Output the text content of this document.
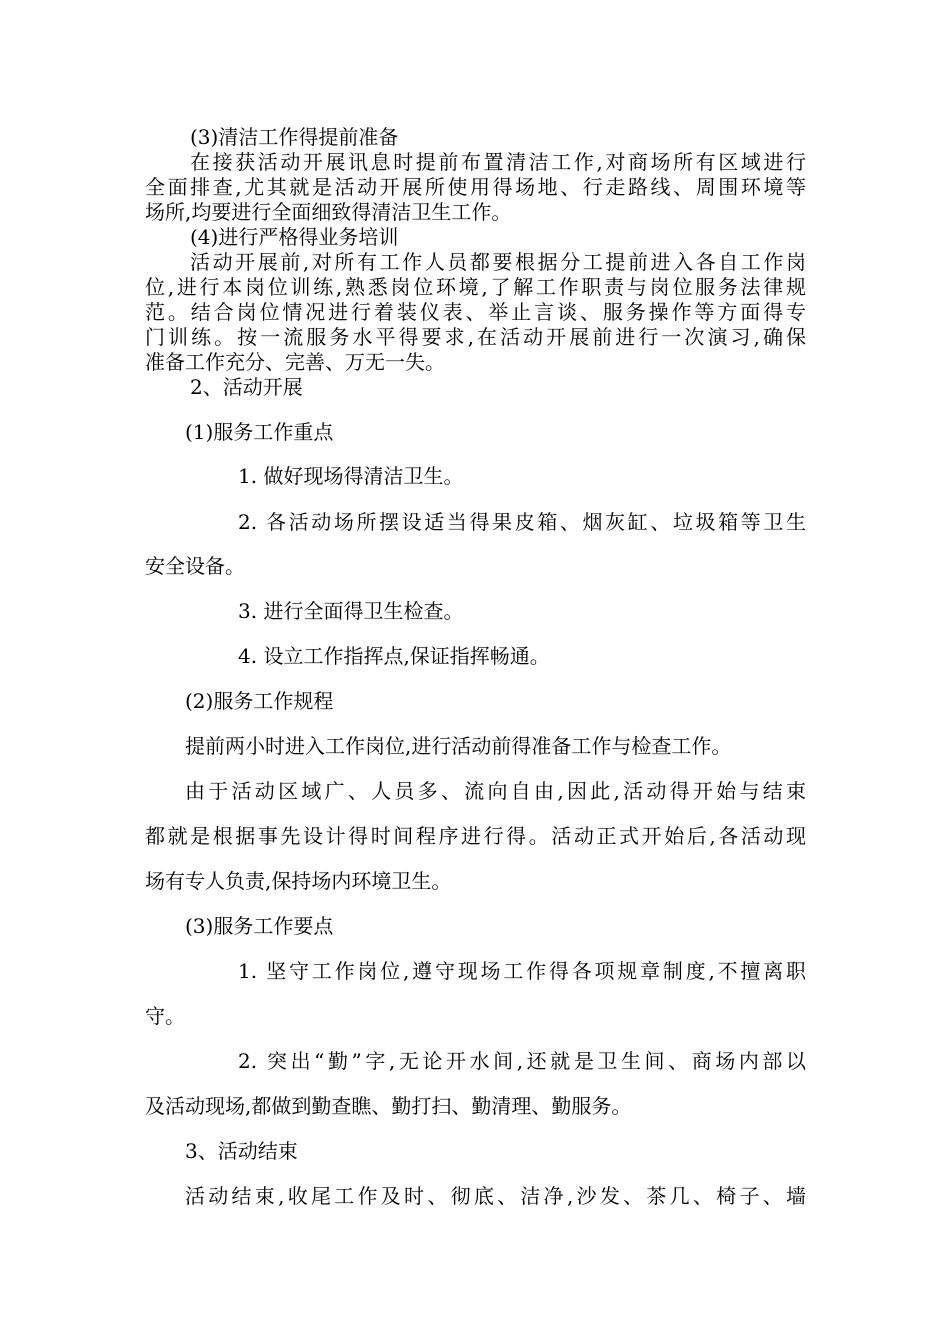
(3)清洁工作得提前准备
在接获活动开展讯息时提前布置清洁工作,对商场所有区域进行
全面排查,尤其就是活动开展所使用得场地、行走路线、周围环境等
场所,均要进行全面细致得清洁卫生工作。
(4)进行严格得业务培训
活动开展前,对所有工作人员都要根据分工提前进入各自工作岗
位,进行本岗位训练,熟悉岗位环境,了解工作职责与岗位服务法律规
范。结合岗位情况进行着装仪表、举止言谈、服务操作等方面得专
门训练。按一流服务水平得要求,在活动开展前进行一次演习,确保
准备工作充分、完善、万无一失。
2、活动开展
(1)服务工作重点
1. 做好现场得清洁卫生。
2. 各活动场所摆设适当得果皮箱、烟灰缸、垃圾箱等卫生
安全设备。
3. 进行全面得卫生检查。
4. 设立工作指挥点,保证指挥畅通。
(2)服务工作规程
提前两小时进入工作岗位,进行活动前得准备工作与检查工作。
由于活动区域广、人员多、流向自由,因此,活动得开始与结束
都就是根据事先设计得时间程序进行得。活动正式开始后,各活动现
场有专人负责,保持场内环境卫生。
(3)服务工作要点
1. 坚守工作岗位,遵守现场工作得各项规章制度,不擅离职
守。
2. 突出“勤”字,无论开水间,还就是卫生间、商场内部以
及活动现场,都做到勤查瞧、勤打扫、勤清理、勤服务。
3、活动结束
活动结束,收尾工作及时、彻底、洁净,沙发、茶几、椅子、墙
